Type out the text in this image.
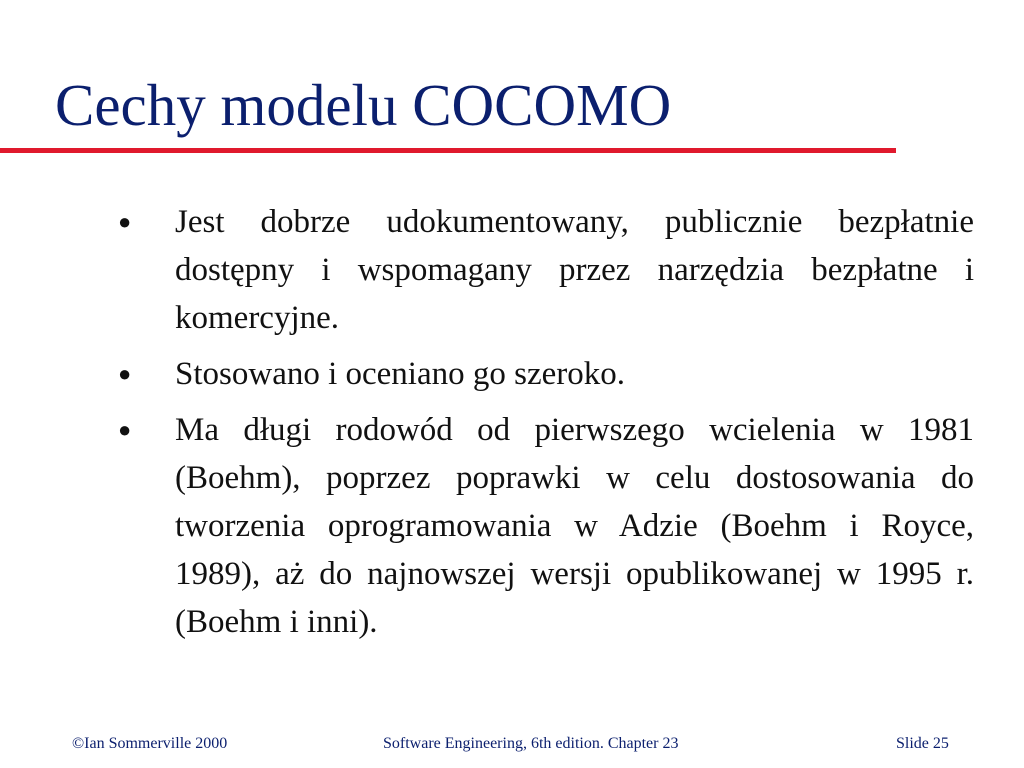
Cechy modelu COCOMO
● Jest dobrze udokumentowany, publicznie bezpłatnie dostępny i wspomagany przez narzędzia bezpłatne i komercyjne.
● Stosowano i oceniano go szeroko.
● Ma długi rodowód od pierwszego wcielenia w 1981 (Boehm), poprzez poprawki w celu dostosowania do tworzenia oprogramowania w Adzie (Boehm i Royce, 1989), aż do najnowszej wersji opublikowanej w 1995 r. (Boehm i inni).
©Ian Sommerville 2000	Software Engineering, 6th edition. Chapter 23	Slide 25
